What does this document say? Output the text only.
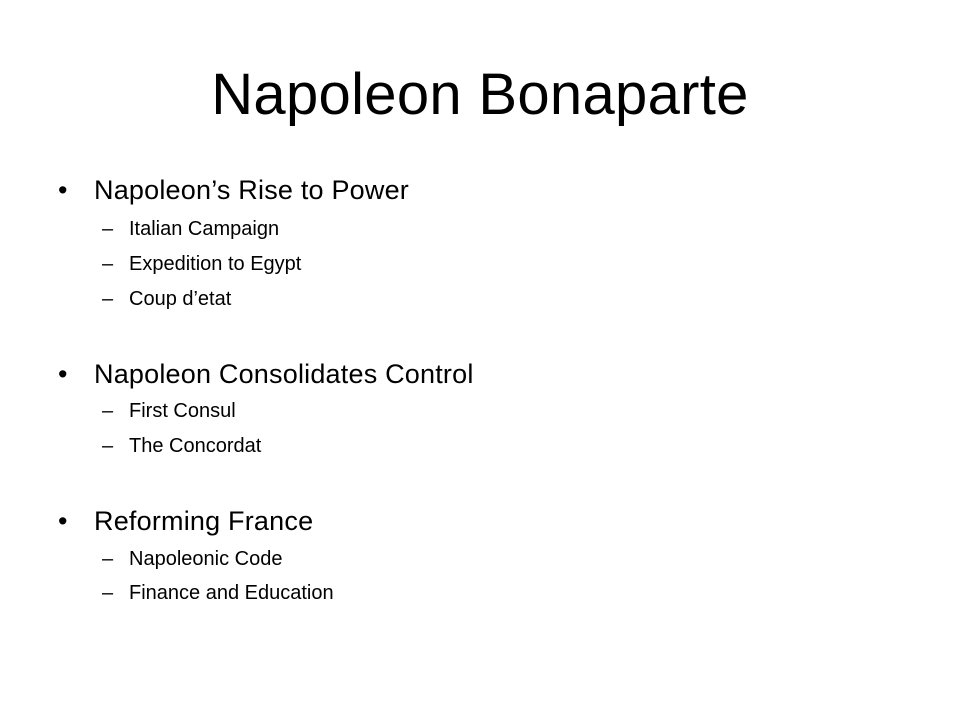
Napoleon Bonaparte
• Napoleon’s Rise to Power
– Italian Campaign
– Expedition to Egypt
– Coup d’etat
• Napoleon Consolidates Control
– First Consul
– The Concordat
• Reforming France
– Napoleonic Code
– Finance and Education
